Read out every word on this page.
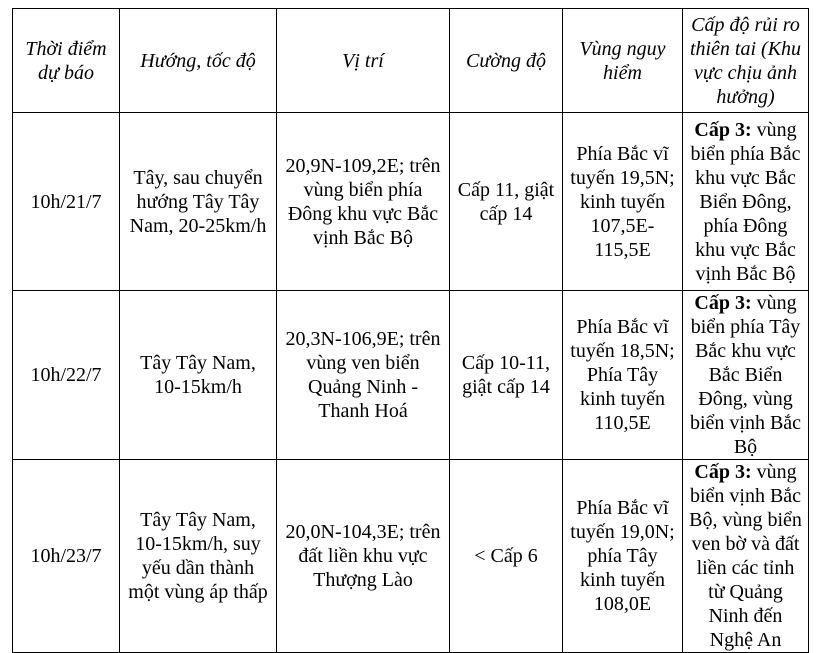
Thời điểm dự báo	Hướng, tốc độ	Vị trí	Cường độ	Vùng nguy hiểm	Cấp độ rủi ro thiên tai (Khu vực chịu ảnh hưởng)
10h/21/7	Tây, sau chuyển hướng Tây Tây Nam, 20-25km/h	20,9N-109,2E; trên vùng biển phía Đông khu vực Bắc vịnh Bắc Bộ	Cấp 11, giật cấp 14	Phía Bắc vĩ tuyến 19,5N; kinh tuyến 107,5E-115,5E	Cấp 3: vùng biển phía Bắc khu vực Bắc Biển Đông, phía Đông khu vực Bắc vịnh Bắc Bộ
10h/22/7	Tây Tây Nam, 10-15km/h	20,3N-106,9E; trên vùng ven biển Quảng Ninh - Thanh Hoá	Cấp 10-11, giật cấp 14	Phía Bắc vĩ tuyến 18,5N; Phía Tây kinh tuyến 110,5E	Cấp 3: vùng biển phía Tây Bắc khu vực Bắc Biển Đông, vùng biển vịnh Bắc Bộ
10h/23/7	Tây Tây Nam, 10-15km/h, suy yếu dần thành một vùng áp thấp	20,0N-104,3E; trên đất liền khu vực Thượng Lào	< Cấp 6	Phía Bắc vĩ tuyến 19,0N; phía Tây kinh tuyến 108,0E	Cấp 3: vùng biển vịnh Bắc Bộ, vùng biển ven bờ và đất liền các tỉnh từ Quảng Ninh đến Nghệ An
